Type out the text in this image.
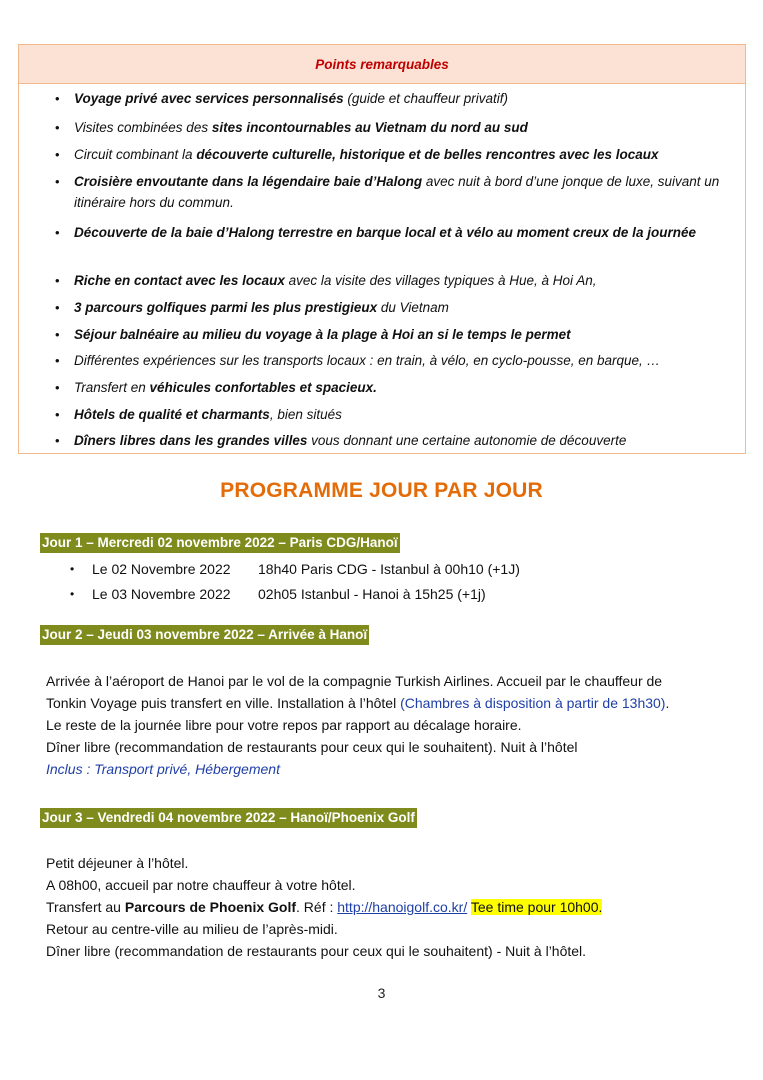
Points remarquables
• Voyage privé avec services personnalisés (guide et chauffeur privatif)
• Visites combinées des sites incontournables au Vietnam du nord au sud
• Circuit combinant la découverte culturelle, historique et de belles rencontres avec les locaux
• Croisière envoutante dans la légendaire baie d’Halong avec nuit à bord d’une jonque de luxe, suivant un itinéraire hors du commun.
• Découverte de la baie d’Halong terrestre en barque local et à vélo au moment creux de la journée
• Riche en contact avec les locaux avec la visite des villages typiques à Hue, à Hoi An,
• 3 parcours golfiques parmi les plus prestigieux du Vietnam
• Séjour balnéaire au milieu du voyage à la plage à Hoi an si le temps le permet
• Différentes expériences sur les transports locaux : en train, à vélo, en cyclo-pousse, en barque, …
• Transfert en véhicules confortables et spacieux.
• Hôtels de qualité et charmants, bien situés
• Dîners libres dans les grandes villes vous donnant une certaine autonomie de découverte
PROGRAMME JOUR PAR JOUR
Jour 1 – Mercredi 02 novembre 2022 – Paris CDG/Hanoï
• Le 02 Novembre 2022 18h40 Paris CDG - Istanbul à 00h10 (+1J)
• Le 03 Novembre 2022 02h05 Istanbul - Hanoi à 15h25 (+1j)
Jour 2 – Jeudi 03 novembre 2022 – Arrivée à Hanoï
Arrivée à l’aéroport de Hanoi par le vol de la compagnie Turkish Airlines. Accueil par le chauffeur de
Tonkin Voyage puis transfert en ville. Installation à l’hôtel (Chambres à disposition à partir de 13h30).
Le reste de la journée libre pour votre repos par rapport au décalage horaire.
Dîner libre (recommandation de restaurants pour ceux qui le souhaitent). Nuit à l’hôtel
Inclus : Transport privé, Hébergement
Jour 3 – Vendredi 04 novembre 2022 – Hanoï/Phoenix Golf
Petit déjeuner à l’hôtel.
A 08h00, accueil par notre chauffeur à votre hôtel.
Transfert au Parcours de Phoenix Golf. Réf : http://hanoigolf.co.kr/ Tee time pour 10h00.
Retour au centre-ville au milieu de l’après-midi.
Dîner libre (recommandation de restaurants pour ceux qui le souhaitent) - Nuit à l’hôtel.
3
